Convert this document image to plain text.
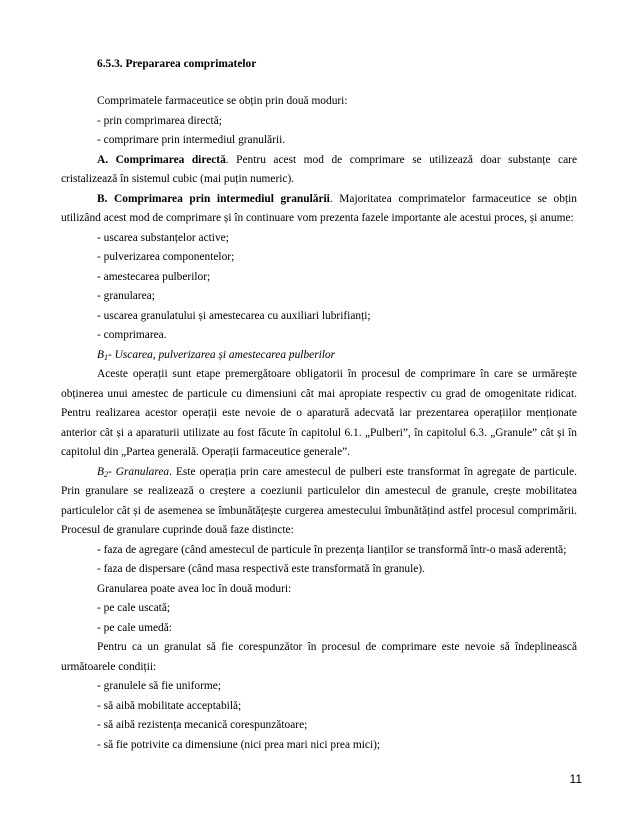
6.5.3. Prepararea comprimatelor

Comprimatele farmaceutice se obțin prin două moduri:

- prin comprimarea directă;

- comprimare prin intermediul granulării.

A. Comprimarea directă. Pentru acest mod de comprimare se utilizează doar substanțe care cristalizează în sistemul cubic (mai puțin numeric).

B. Comprimarea prin intermediul granulării. Majoritatea comprimatelor farmaceutice se obțin utilizând acest mod de comprimare și în continuare vom prezenta fazele importante ale acestui proces, și anume:

- uscarea substanțelor active;

- pulverizarea componentelor;

- amestecarea pulberilor;

- granularea;

- uscarea granulatului și amestecarea cu auxiliari lubrifianți;

- comprimarea.

$B_1-$ Uscarea, pulverizarea și amestecarea pulberilor

Aceste operații sunt etape premergătoare obligatorii în procesul de comprimare în care se urmărește obținerea unui amestec de particule cu dimensiuni cât mai apropiate respectiv cu grad de omogenitate ridicat. Pentru realizarea acestor operații este nevoie de o aparatură adecvată iar prezentarea operațiilor menționate anterior cât și a aparaturii utilizate au fost făcute în capitolul 6.1. „Pulberi”, în capitolul 6.3. „Granule” cât și în capitolul din „Partea generală. Operații farmaceutice generale”.

$B_2-$ Granularea. Este operația prin care amestecul de pulberi este transformat în agregate de particule. Prin granulare se realizează o creștere a coeziunii particulelor din amestecul de granule, crește mobilitatea particulelor cât și de asemenea se îmbunătățește curgerea amestecului îmbunătățind astfel procesul comprimării. Procesul de granulare cuprinde două faze distincte:

- faza de agregare (când amestecul de particule în prezența lianților se transformă într-o masă aderentă;

- faza de dispersare (când masa respectivă este transformată în granule).

Granularea poate avea loc în două moduri:

- pe cale uscată;

- pe cale umedă:

Pentru ca un granulat să fie corespunzător în procesul de comprimare este nevoie să îndeplinească următoarele condiții:

- granulele să fie uniforme;

- să aibă mobilitate acceptabilă;

- să aibă rezistența mecanică corespunzătoare;

- să fie potrivite ca dimensiune (nici prea mari nici prea mici);

11
